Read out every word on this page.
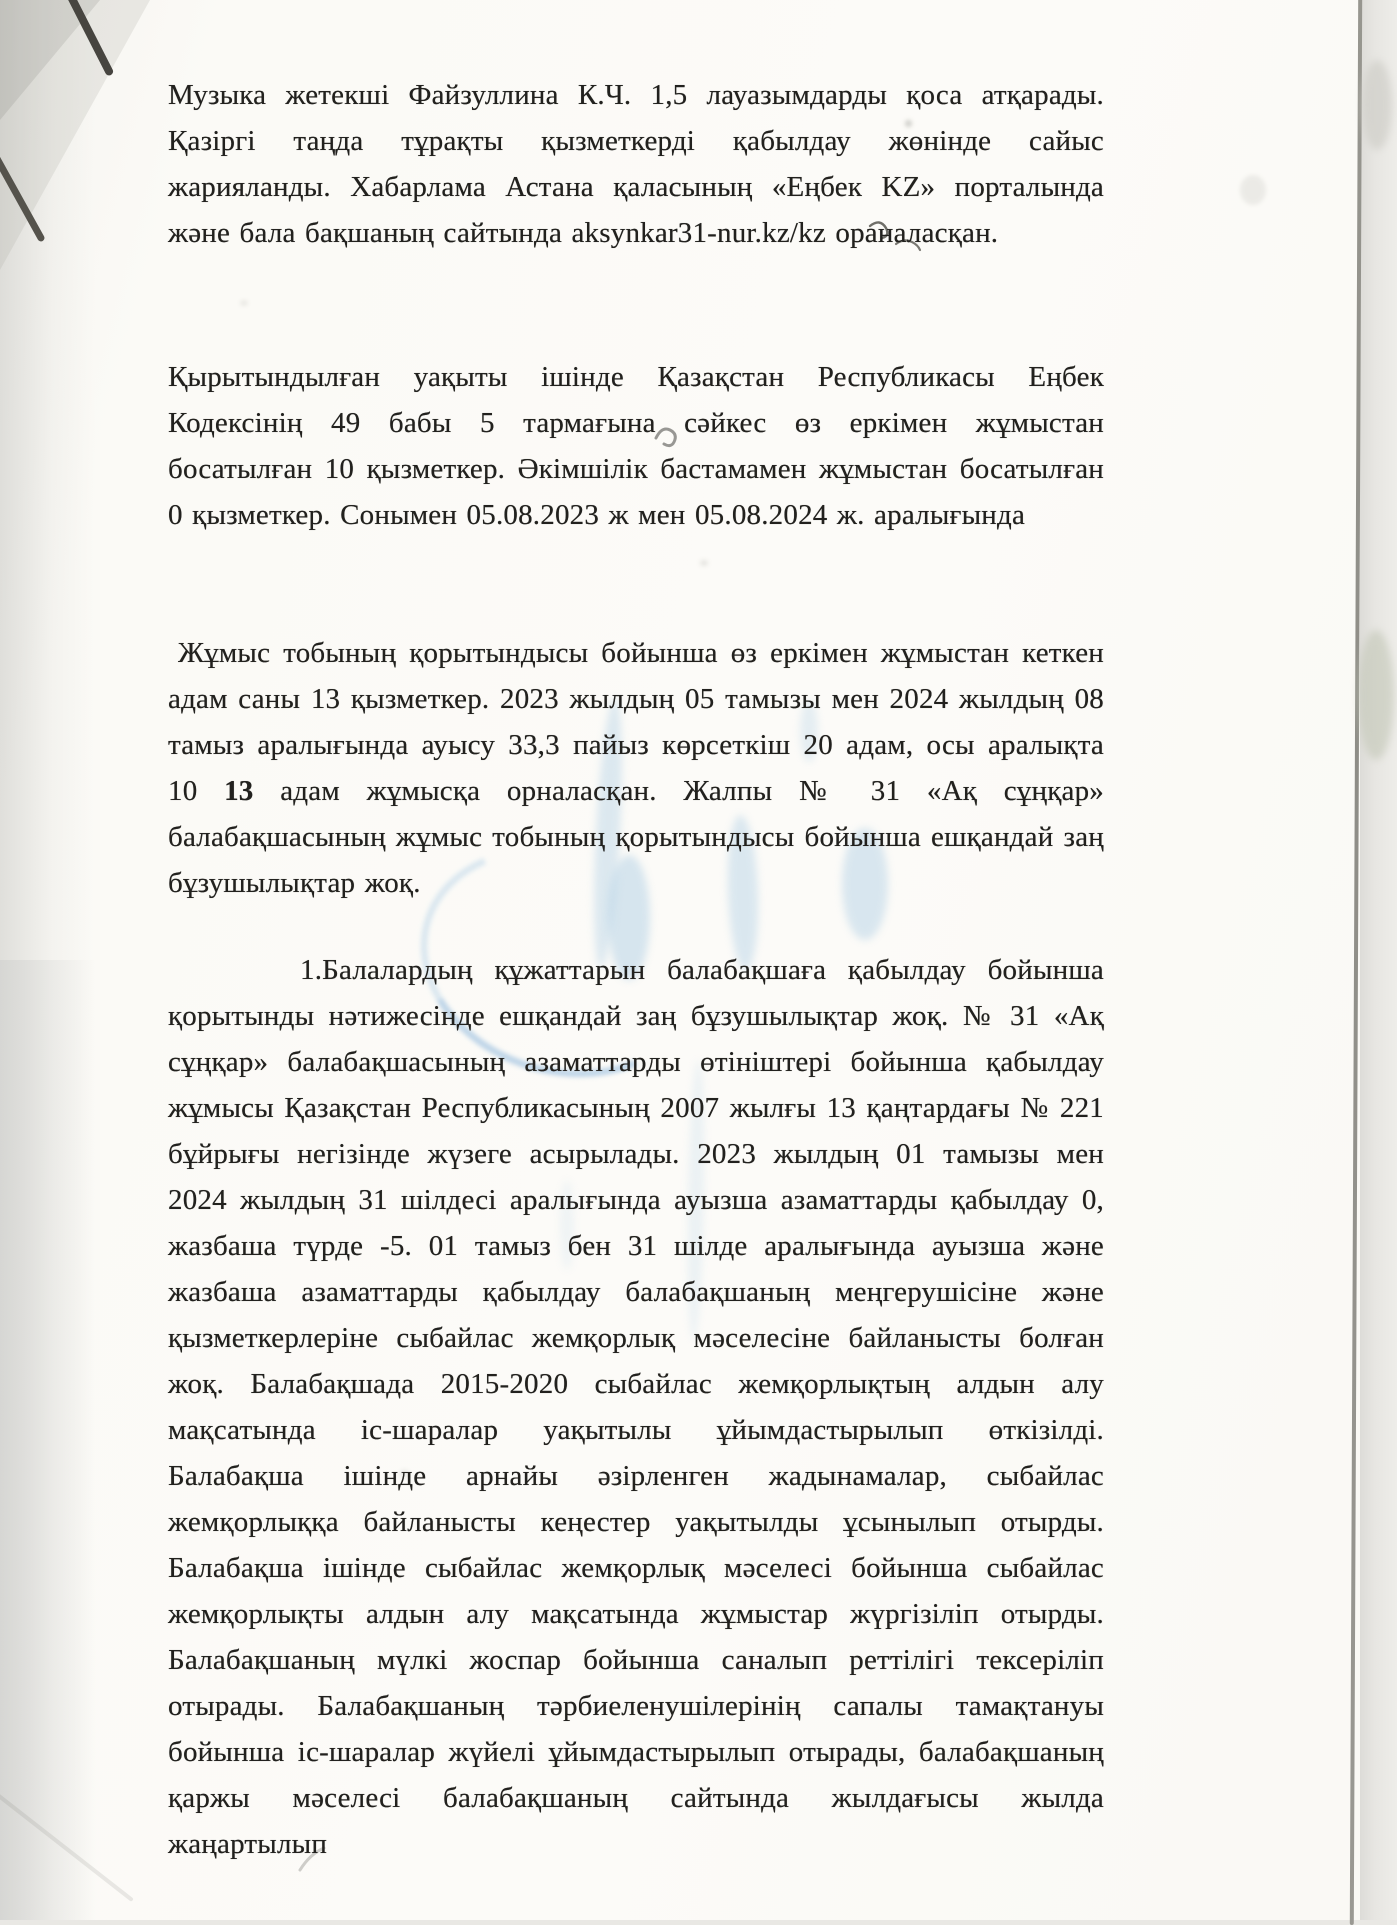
Музыка жетекші Файзуллина К.Ч. 1,5 лауазымдарды қоса атқарады. Қазіргі таңда тұрақты қызметкерді қабылдау жөнінде сайыс жарияланды. Хабарлама Астана қаласының «Еңбек KZ» порталында және бала бақшаның сайтында aksynkar31-nur.kz/kz ораналасқан.
Қырытындылған уақыты ішінде Қазақстан Республикасы Еңбек Кодексінің 49 бабы 5 тармағына сәйкес өз еркімен жұмыстан босатылған 10 қызметкер. Әкімшілік бастамамен жұмыстан босатылған 0 қызметкер. Сонымен 05.08.2023 ж мен 05.08.2024 ж. аралығында
Жұмыс тобының қорытындысы бойынша өз еркімен жұмыстан кеткен адам саны 13 қызметкер. 2023 жылдың 05 тамызы мен 2024 жылдың 08 тамыз аралығында ауысу 33,3 пайыз көрсеткіш 20 адам, осы аралықта 10 13 адам жұмысқа орналасқан. Жалпы № 31 «Ақ сұңқар» балабақшасының жұмыс тобының қорытындысы бойынша ешқандай заң бұзушылықтар жоқ.
1.Балалардың құжаттарын балабақшаға қабылдау бойынша қорытынды нәтижесінде ешқандай заң бұзушылықтар жоқ. № 31 «Ақ сұңқар» балабақшасының азаматтарды өтініштері бойынша қабылдау жұмысы Қазақстан Республикасының 2007 жылғы 13 қаңтардағы № 221 бұйрығы негізінде жүзеге асырылады. 2023 жылдың 01 тамызы мен 2024 жылдың 31 шілдесі аралығында ауызша азаматтарды қабылдау 0, жазбаша түрде -5. 01 тамыз бен 31 шілде аралығында ауызша және жазбаша азаматтарды қабылдау балабақшаның меңгерушісіне және қызметкерлеріне сыбайлас жемқорлық мәселесіне байланысты болған жоқ. Балабақшада 2015-2020 сыбайлас жемқорлықтың алдын алу мақсатында іс-шаралар уақытылы ұйымдастырылып өткізілді. Балабақша ішінде арнайы әзірленген жадынамалар, сыбайлас жемқорлыққа байланысты кеңестер уақытылды ұсынылып отырды. Балабақша ішінде сыбайлас жемқорлық мәселесі бойынша сыбайлас жемқорлықты алдын алу мақсатында жұмыстар жүргізіліп отырды. Балабақшаның мүлкі жоспар бойынша саналып реттілігі тексеріліп отырады. Балабақшаның тәрбиеленушілерінің сапалы тамақтануы бойынша іс-шаралар жүйелі ұйымдастырылып отырады, балабақшаның қаржы мәселесі балабақшаның сайтында жылдағысы жылда жаңартылып
